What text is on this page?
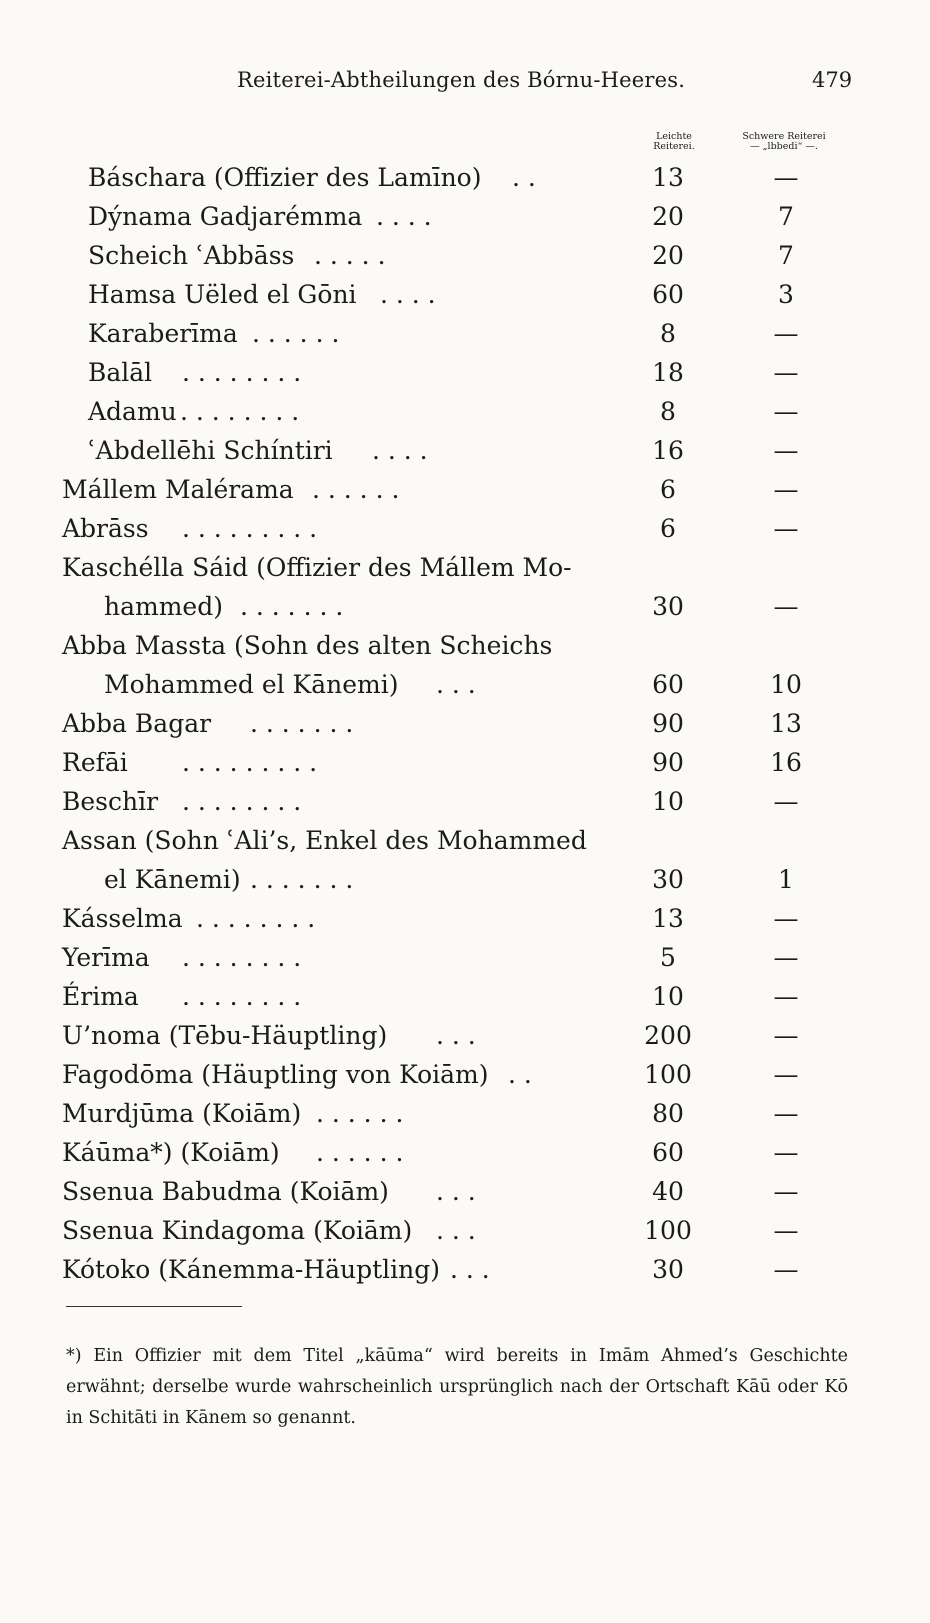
Reiterei-Abtheilungen des Bórnu-Heeres.	479
Leichte
Reiterei.
Schwere Reiterei
— „lbbedi“ —.
Báschara (Offizier des Lamīno) . .	13	—
Dýnama Gadjarémma . . . .	20	7
Scheich ʿAbbāss . . . . .	20	7
Hamsa Uëled el Gōni . . . .	60	3
Karaberīma . . . . . .	8	—
Balāl . . . . . . . .	18	—
Adamu . . . . . . . .	8	—
ʿAbdellēhi Schíntiri . . . .	16	—
Mállem Malérama . . . . . .	6	—
Abrāss . . . . . . . . .	6	—
Kaschélla Sáid (Offizier des Mállem Mo-
hammed) . . . . . . .	30	—
Abba Massta (Sohn des alten Scheichs
Mohammed el Kānemi) . . .	60	10
Abba Bagar . . . . . . .	90	13
Refāi . . . . . . . . .	90	16
Beschīr . . . . . . . .	10	—
Assan (Sohn ʿAli’s, Enkel des Mohammed
el Kānemi) . . . . . . .	30	1
Kásselma . . . . . . . .	13	—
Yerīma . . . . . . . .	5	—
Érima . . . . . . . .	10	—
U’noma (Tēbu-Häuptling) . . .	200	—
Fagodōma (Häuptling von Koiām) . .	100	—
Murdjūma (Koiām) . . . . . .	80	—
Káūma*) (Koiām) . . . . . .	60	—
Ssenua Babudma (Koiām) . . .	40	—
Ssenua Kindagoma (Koiām) . . .	100	—
Kótoko (Kánemma-Häuptling) . . .	30	—
*) Ein Offizier mit dem Titel „kāūma“ wird bereits in Imām Ahmed’s Geschichte erwähnt; derselbe wurde wahrscheinlich ursprünglich nach der Ortschaft Kāū oder Kō in Schitāti in Kānem so genannt.
